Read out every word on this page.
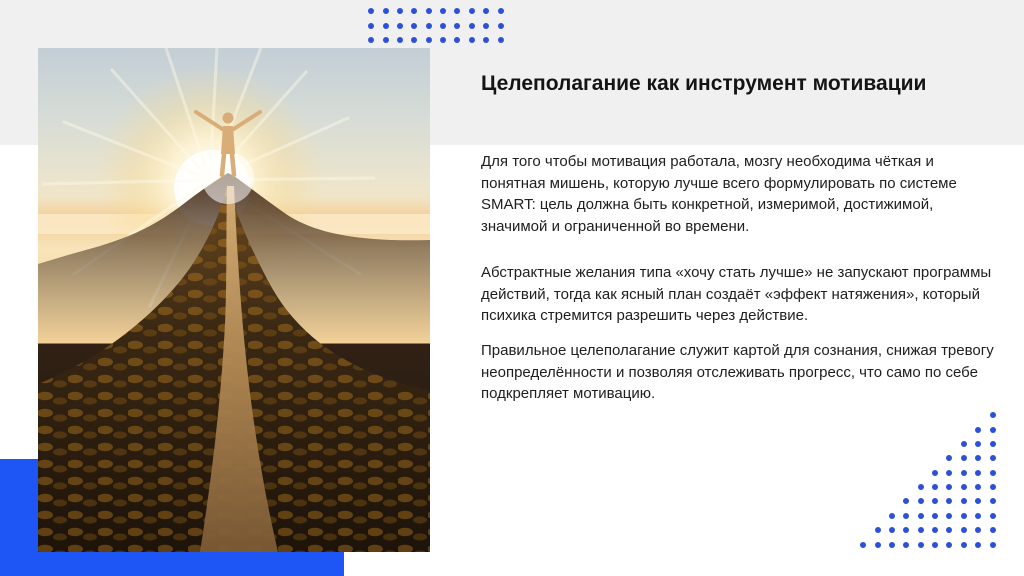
Целеполагание как инструмент мотивации

Для того чтобы мотивация работала, мозгу необходима чёткая и понятная мишень, которую лучше всего формулировать по системе SMART: цель должна быть конкретной, измеримой, достижимой, значимой и ограниченной во времени.

Абстрактные желания типа «хочу стать лучше» не запускают программы действий, тогда как ясный план создаёт «эффект натяжения», который психика стремится разрешить через действие.

Правильное целеполагание служит картой для сознания, снижая тревогу неопределённости и позволяя отслеживать прогресс, что само по себе подкрепляет мотивацию.
